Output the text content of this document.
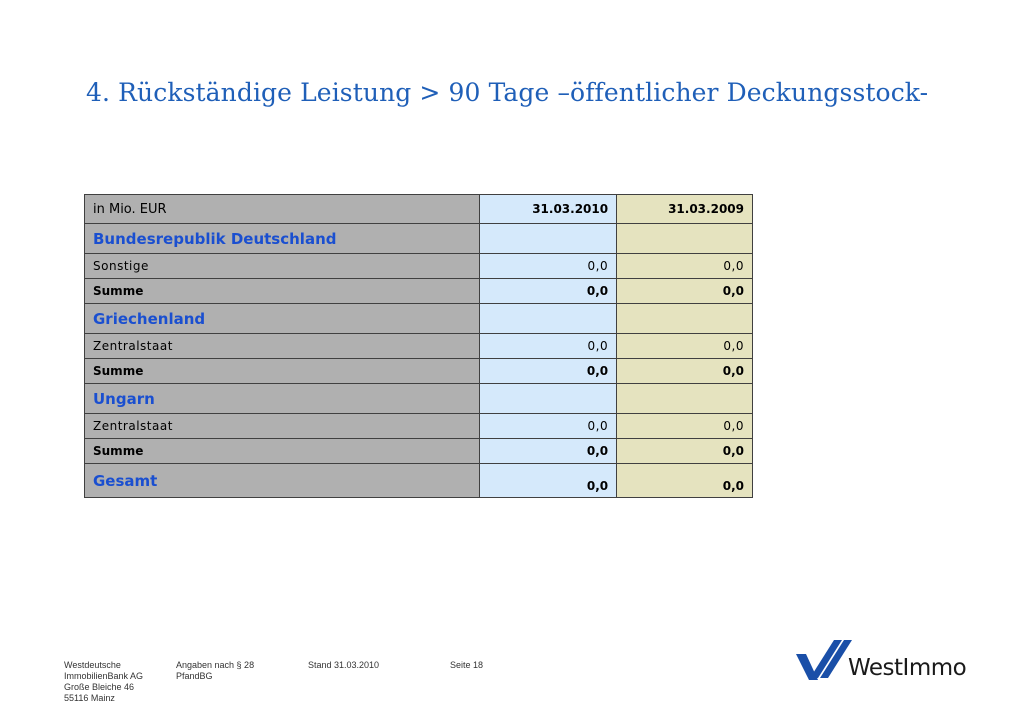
4. Rückständige Leistung > 90 Tage –öffentlicher Deckungsstock-
in Mio. EUR	31.03.2010	31.03.2009
Bundesrepublik Deutschland		
Sonstige	0,0	0,0
Summe	0,0	0,0
Griechenland		
Zentralstaat	0,0	0,0
Summe	0,0	0,0
Ungarn		
Zentralstaat	0,0	0,0
Summe	0,0	0,0
Gesamt	0,0	0,0
Westdeutsche
ImmobilienBank AG
Große Bleiche 46
55116 Mainz
Angaben nach § 28
PfandBG
Stand 31.03.2010	Seite 18	WestImmo
